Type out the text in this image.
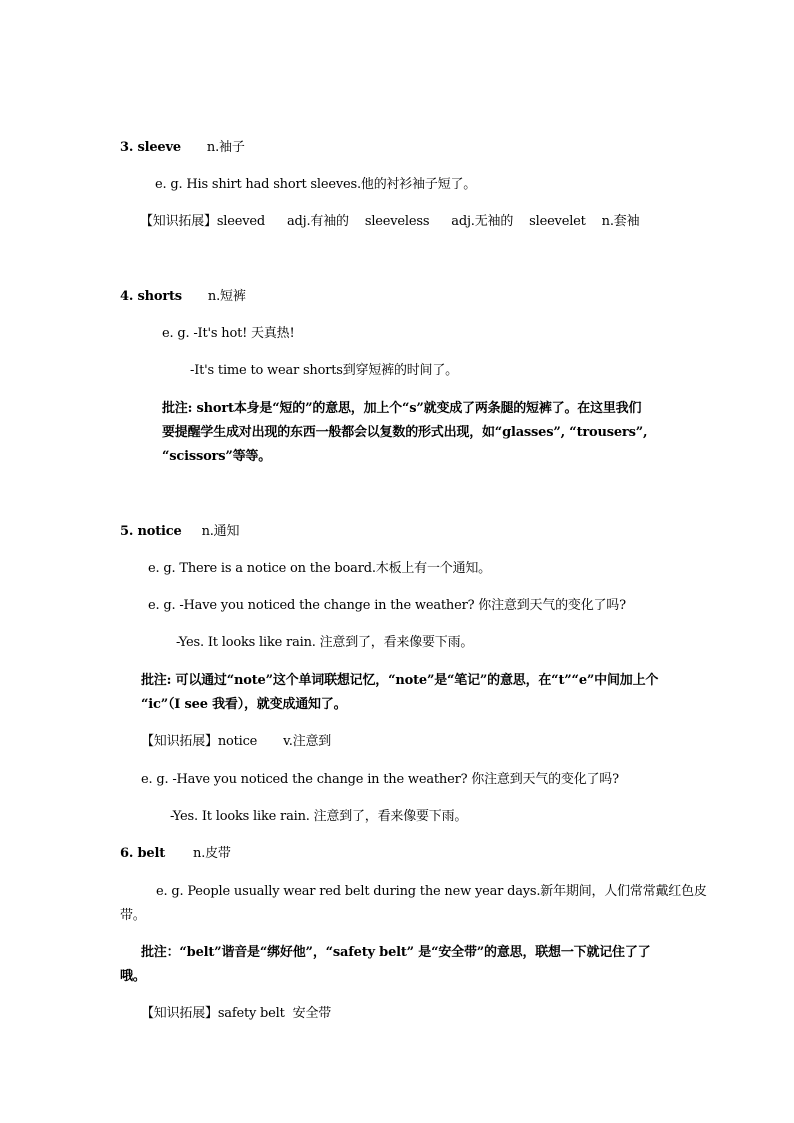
3. sleeve n.袖子
e. g. His shirt had short sleeves.他的衬衫袖子短了。
【知识拓展】sleeved adj.有袖的 sleeveless adj.无袖的 sleevelet n.套袖
4. shorts n.短裤
e. g. -It's hot! 天真热!
-It's time to wear shorts到穿短裤的时间了。
批注: short本身是“短的”的意思，加上个“s”就变成了两条腿的短裤了。在这里我们
要提醒学生成对出现的东西一般都会以复数的形式出现，如“glasses”, “trousers”,
“scissors”等等。
5. notice n.通知
e. g. There is a notice on the board.木板上有一个通知。
e. g. -Have you noticed the change in the weather? 你注意到天气的变化了吗?
-Yes. It looks like rain. 注意到了，看来像要下雨。
批注: 可以通过“note”这个单词联想记忆，“note”是“笔记”的意思，在“t”“e”中间加上个
“ic”（I see 我看），就变成通知了。
【知识拓展】notice v.注意到
e. g. -Have you noticed the change in the weather? 你注意到天气的变化了吗?
-Yes. It looks like rain. 注意到了，看来像要下雨。
6. belt n.皮带
e. g. People usually wear red belt during the new year days.新年期间，人们常常戴红色皮
带。
批注：“belt”谐音是“绑好他”，“safety belt” 是“安全带”的意思，联想一下就记住了了
哦。
【知识拓展】safety belt 安全带
